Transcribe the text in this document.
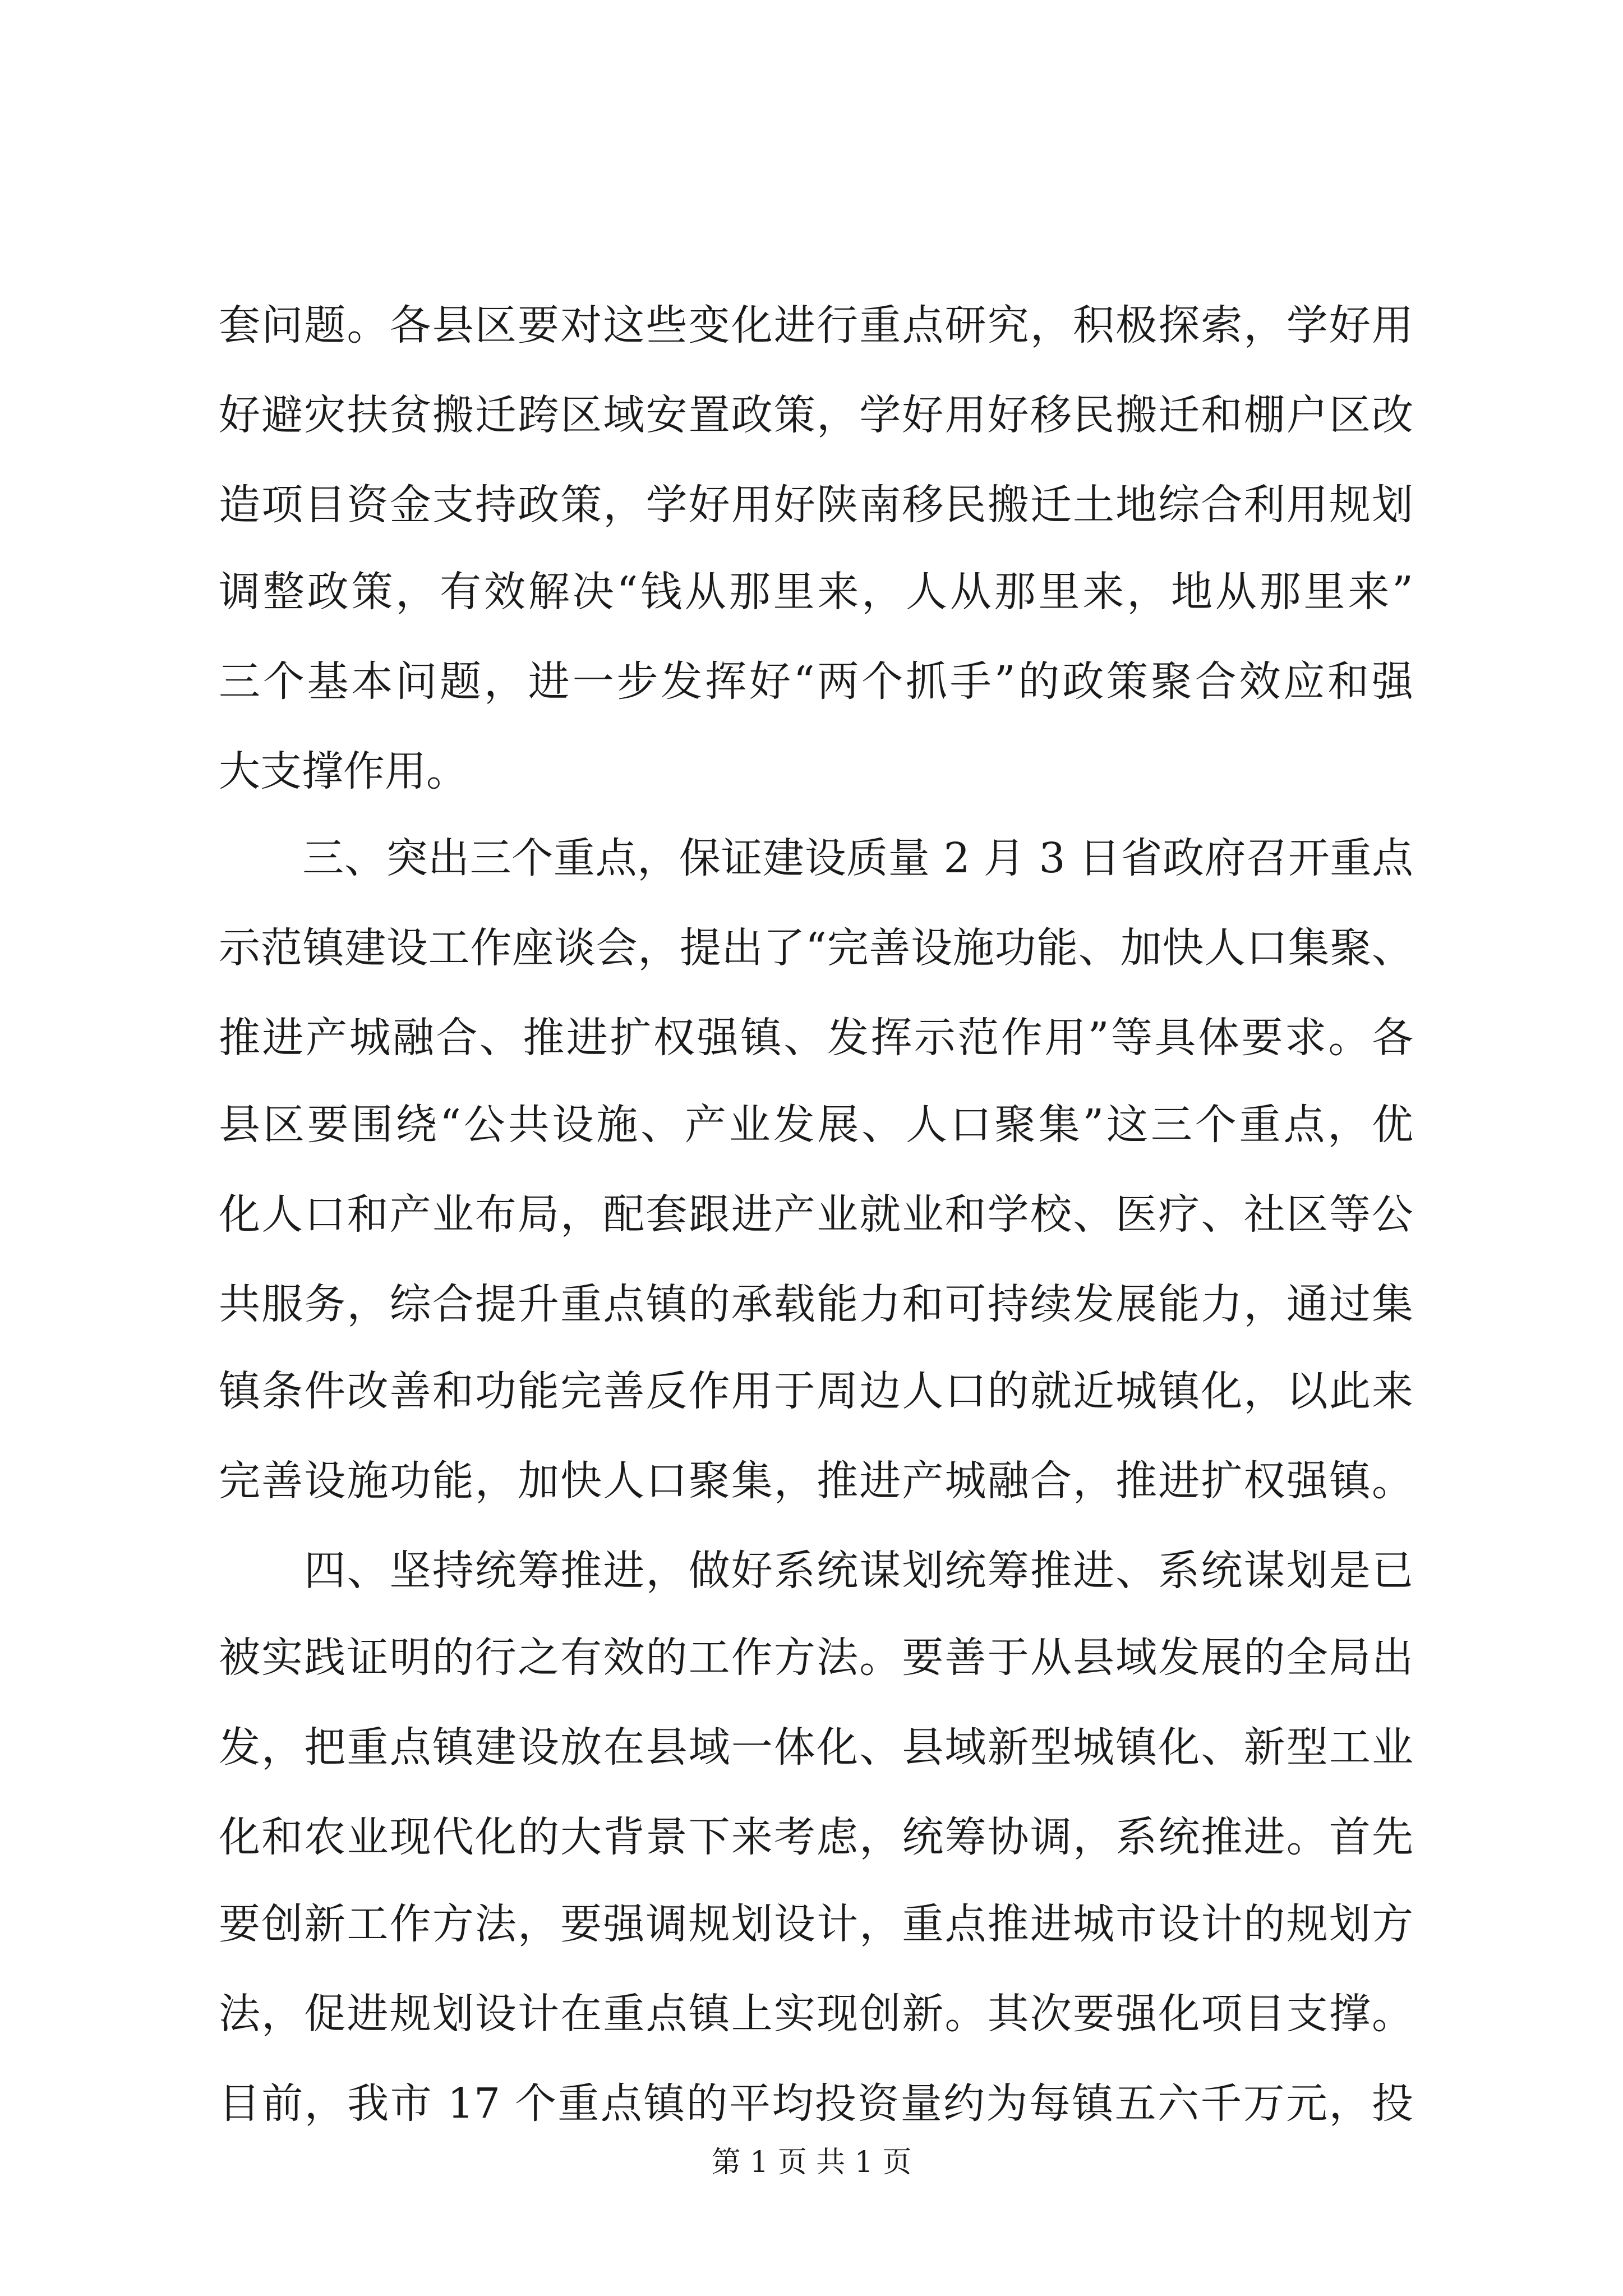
套问题。各县区要对这些变化进行重点研究，积极探索，学好用
好避灾扶贫搬迁跨区域安置政策，学好用好移民搬迁和棚户区改
造项目资金支持政策，学好用好陕南移民搬迁土地综合利用规划
调整政策，有效解决“钱从那里来，人从那里来，地从那里来”
三个基本问题，进一步发挥好“两个抓手”的政策聚合效应和强
大支撑作用。
　　三、突出三个重点，保证建设质量 2 月 3 日省政府召开重点
示范镇建设工作座谈会，提出了“完善设施功能、加快人口集聚、
推进产城融合、推进扩权强镇、发挥示范作用”等具体要求。各
县区要围绕“公共设施、产业发展、人口聚集”这三个重点，优
化人口和产业布局，配套跟进产业就业和学校、医疗、社区等公
共服务，综合提升重点镇的承载能力和可持续发展能力，通过集
镇条件改善和功能完善反作用于周边人口的就近城镇化，以此来
完善设施功能，加快人口聚集，推进产城融合，推进扩权强镇。
　　四、坚持统筹推进，做好系统谋划统筹推进、系统谋划是已
被实践证明的行之有效的工作方法。要善于从县域发展的全局出
发，把重点镇建设放在县域一体化、县域新型城镇化、新型工业
化和农业现代化的大背景下来考虑，统筹协调，系统推进。首先
要创新工作方法，要强调规划设计，重点推进城市设计的规划方
法，促进规划设计在重点镇上实现创新。其次要强化项目支撑。
目前，我市 17 个重点镇的平均投资量约为每镇五六千万元，投
第 1 页 共 1 页
